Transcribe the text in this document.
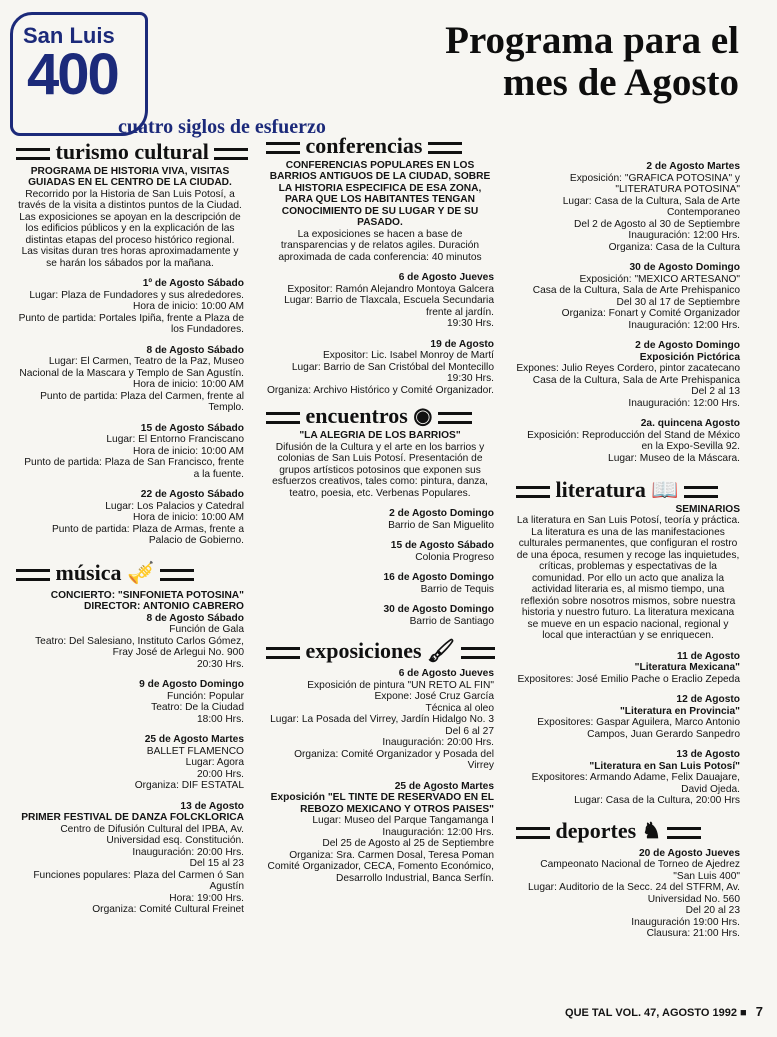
San Luis
400
cuatro siglos de esfuerzo
Programa para el
mes de Agosto
turismo cultural
PROGRAMA DE HISTORIA VIVA, VISITAS GUIADAS EN EL CENTRO DE LA CIUDAD.
Recorrido por la Historia de San Luis Potosí, a través de la visita a distintos puntos de la Ciudad. Las exposiciones se apoyan en la descripción de los edificios públicos y en la explicación de las distintas etapas del proceso histórico regional. Las visitas duran tres horas aproximadamente y se harán los sábados por la mañana.
1º de Agosto Sábado
Lugar: Plaza de Fundadores y sus alrededores.
Hora de inicio: 10:00 AM
Punto de partida: Portales Ipiña, frente a Plaza de los Fundadores.
8 de Agosto Sábado
Lugar: El Carmen, Teatro de la Paz, Museo Nacional de la Mascara y Templo de San Agustín.
Hora de inicio: 10:00 AM
Punto de partida: Plaza del Carmen, frente al Templo.
15 de Agosto Sábado
Lugar: El Entorno Franciscano
Hora de inicio: 10:00 AM
Punto de partida: Plaza de San Francisco, frente a la fuente.
22 de Agosto Sábado
Lugar: Los Palacios y Catedral
Hora de inicio: 10:00 AM
Punto de partida: Plaza de Armas, frente a Palacio de Gobierno.
música 🎺
CONCIERTO: "SINFONIETA POTOSINA"
DIRECTOR: ANTONIO CABRERO
8 de Agosto Sábado
Función de Gala
Teatro: Del Salesiano, Instituto Carlos Gómez, Fray José de Arlegui No. 900
20:30 Hrs.
9 de Agosto Domingo
Función: Popular
Teatro: De la Ciudad
18:00 Hrs.
25 de Agosto Martes
BALLET FLAMENCO
Lugar: Agora
20:00 Hrs.
Organiza: DIF ESTATAL
13 de Agosto
PRIMER FESTIVAL DE DANZA FOLCKLORICA
Centro de Difusión Cultural del IPBA, Av. Universidad esq. Constitución.
Inauguración: 20:00 Hrs.
Del 15 al 23
Funciones populares: Plaza del Carmen ó San Agustín
Hora: 19:00 Hrs.
Organiza: Comité Cultural Freinet
conferencias
CONFERENCIAS POPULARES EN LOS BARRIOS ANTIGUOS DE LA CIUDAD, SOBRE LA HISTORIA ESPECIFICA DE ESA ZONA, PARA QUE LOS HABITANTES TENGAN CONOCIMIENTO DE SU LUGAR Y DE SU PASADO.
La exposiciones se hacen a base de transparencias y de relatos agiles. Duración aproximada de cada conferencia: 40 minutos
6 de Agosto Jueves
Expositor: Ramón Alejandro Montoya Galcera
Lugar: Barrio de Tlaxcala, Escuela Secundaria frente al jardín.
19:30 Hrs.
19 de Agosto
Expositor: Lic. Isabel Monroy de Martí
Lugar: Barrio de San Cristóbal del Montecillo
19:30 Hrs.
Organiza: Archivo Histórico y Comité Organizador.
encuentros ◉
"LA ALEGRIA DE LOS BARRIOS"
Difusión de la Cultura y el arte en los barrios y colonias de San Luis Potosí. Presentación de grupos artísticos potosinos que exponen sus esfuerzos creativos, tales como: pintura, danza, teatro, poesia, etc. Verbenas Populares.
2 de Agosto Domingo
Barrio de San Miguelito
15 de Agosto Sábado
Colonia Progreso
16 de Agosto Domingo
Barrio de Tequis
30 de Agosto Domingo
Barrio de Santiago
exposiciones 🖌
6 de Agosto Jueves
Exposición de pintura "UN RETO AL FIN"
Expone: José Cruz García
Técnica al oleo
Lugar: La Posada del Virrey, Jardín Hidalgo No. 3
Del 6 al 27
Inauguración: 20:00 Hrs.
Organiza: Comité Organizador y Posada del Virrey
25 de Agosto Martes
Exposición "EL TINTE DE RESERVADO EN EL REBOZO MEXICANO Y OTROS PAISES"
Lugar: Museo del Parque Tangamanga I
Inauguración: 12:00 Hrs.
Del 25 de Agosto al 25 de Septiembre
Organiza: Sra. Carmen Dosal, Teresa Poman Comité Organizador, CECA, Fomento Económico, Desarrollo Industrial, Banca Serfín.
2 de Agosto Martes
Exposición: "GRAFICA POTOSINA" y "LITERATURA POTOSINA"
Lugar: Casa de la Cultura, Sala de Arte Contemporaneo
Del 2 de Agosto al 30 de Septiembre
Inauguración: 12:00 Hrs.
Organiza: Casa de la Cultura
30 de Agosto Domingo
Exposición: "MEXICO ARTESANO"
Casa de la Cultura, Sala de Arte Prehispanico
Del 30 al 17 de Septiembre
Organiza: Fonart y Comité Organizador
Inauguración: 12:00 Hrs.
2 de Agosto Domingo
Exposición Pictórica
Expones: Julio Reyes Cordero, pintor zacatecano
Casa de la Cultura, Sala de Arte Prehispanica
Del 2 al 13
Inauguración: 12:00 Hrs.
2a. quincena Agosto
Exposición: Reproducción del Stand de México en la Expo-Sevilla 92.
Lugar: Museo de la Máscara.
literatura 📖
SEMINARIOS
La literatura en San Luis Potosí, teoría y práctica.
La literatura es una de las manifestaciones culturales permanentes, que configuran el rostro de una época, resumen y recoge las inquietudes, críticas, problemas y espectativas de la comunidad. Por ello un acto que analiza la actividad literaria es, al mismo tiempo, una reflexión sobre nosotros mismos, sobre nuestra historia y nuestro futuro. La literatura mexicana se mueve en un espacio nacional, regional y local que interactúan y se enriquecen.
11 de Agosto
"Literatura Mexicana"
Expositores: José Emilio Pache o Eraclio Zepeda
12 de Agosto
"Literatura en Provincia"
Expositores: Gaspar Aguilera, Marco Antonio Campos, Juan Gerardo Sanpedro
13 de Agosto
"Literatura en San Luis Potosí"
Expositores: Armando Adame, Felix Dauajare, David Ojeda.
Lugar: Casa de la Cultura, 20:00 Hrs
deportes ♞
20 de Agosto Jueves
Campeonato Nacional de Torneo de Ajedrez "San Luis 400"
Lugar: Auditorio de la Secc. 24 del STFRM, Av. Universidad No. 560
Del 20 al 23
Inauguración 19:00 Hrs.
Clausura: 21:00 Hrs.
QUE TAL VOL. 47, AGOSTO 1992 ■ 7
